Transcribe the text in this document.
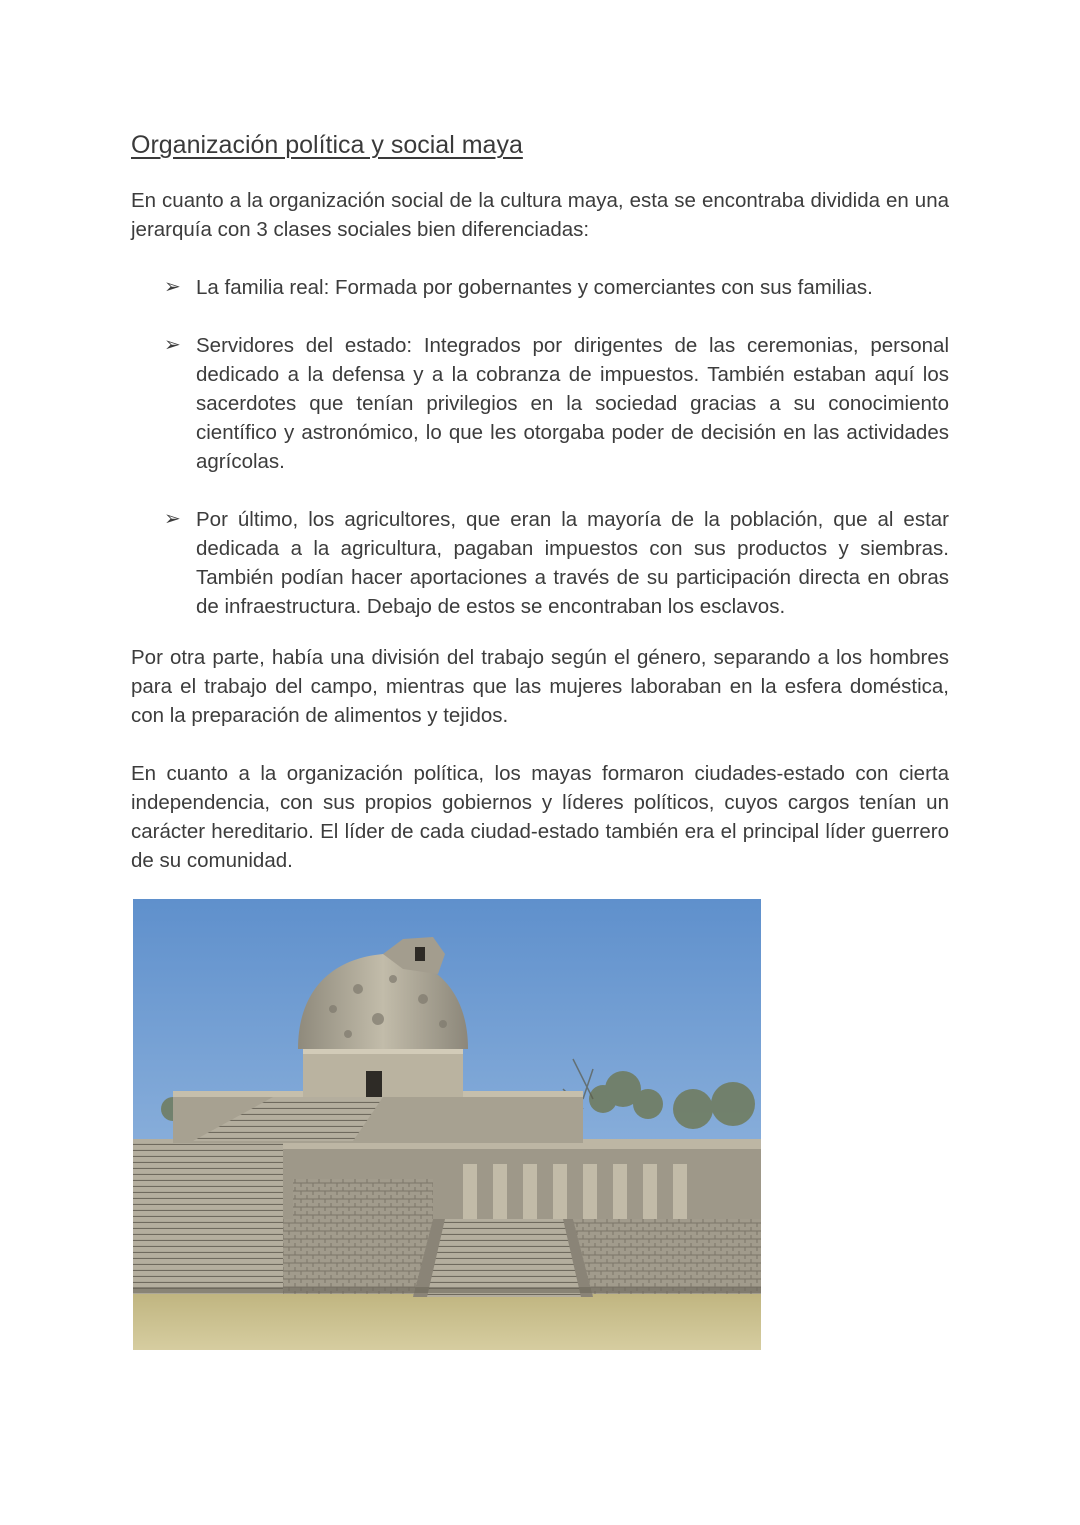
Organización política y social maya

En cuanto a la organización social de la cultura maya, esta se encontraba dividida en una jerarquía con 3 clases sociales bien diferenciadas:

➢ La familia real: Formada por gobernantes y comerciantes con sus familias.
➢ Servidores del estado: Integrados por dirigentes de las ceremonias, personal dedicado a la defensa y a la cobranza de impuestos. También estaban aquí los sacerdotes que tenían privilegios en la sociedad gracias a su conocimiento científico y astronómico, lo que les otorgaba poder de decisión en las actividades agrícolas.
➢ Por último, los agricultores, que eran la mayoría de la población, que al estar dedicada a la agricultura, pagaban impuestos con sus productos y siembras. También podían hacer aportaciones a través de su participación directa en obras de infraestructura. Debajo de estos se encontraban los esclavos.

Por otra parte, había una división del trabajo según el género, separando a los hombres para el trabajo del campo, mientras que las mujeres laboraban en la esfera doméstica, con la preparación de alimentos y tejidos.

En cuanto a la organización política, los mayas formaron ciudades-estado con cierta independencia, con sus propios gobiernos y líderes políticos, cuyos cargos tenían un carácter hereditario. El líder de cada ciudad-estado también era el principal líder guerrero de su comunidad.
